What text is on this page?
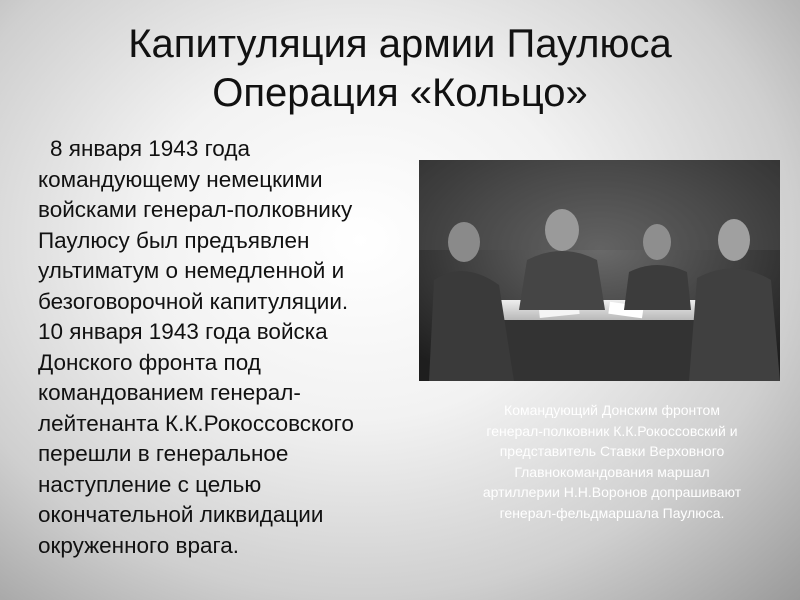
Капитуляция армии Паулюса
Операция «Кольцо»
8 января 1943 года
командующему немецкими
войсками генерал-полковнику
Паулюсу был предъявлен
ультиматум о немедленной и
безоговорочной капитуляции.
10 января 1943 года войска
Донского фронта под
командованием генерал-
лейтенанта К.К.Рокоссовского
перешли в генеральное
наступление с целью
окончательной ликвидации
окруженного врага.
Командующий Донским фронтом
генерал-полковник К.К.Рокоссовский и
представитель Ставки Верховного
Главнокомандования маршал
артиллерии Н.Н.Воронов допрашивают
генерал-фельдмаршала Паулюса.
